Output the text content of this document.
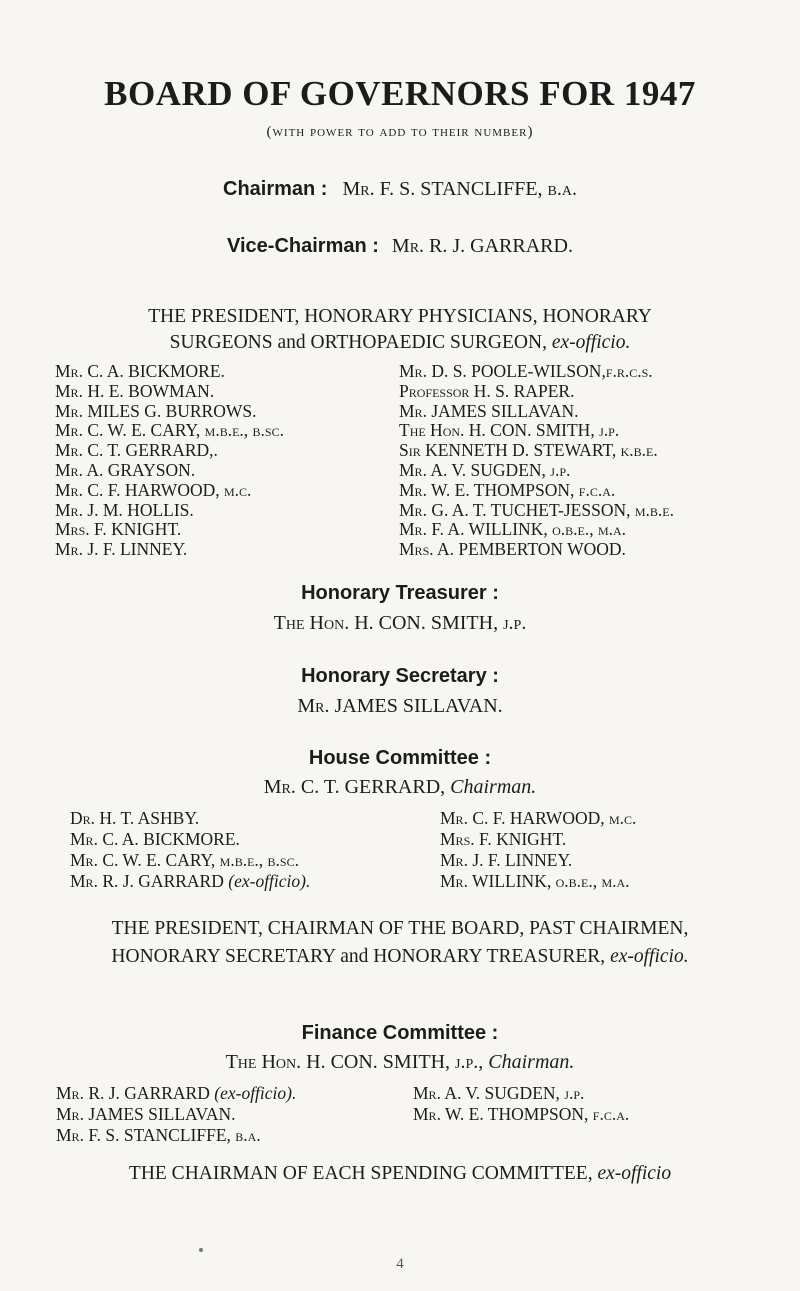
BOARD OF GOVERNORS FOR 1947
(with power to add to their number)
Chairman : Mr. F. S. STANCLIFFE, b.a.
Vice-Chairman : Mr. R. J. GARRARD.
THE PRESIDENT, HONORARY PHYSICIANS, HONORARY
SURGEONS and ORTHOPAEDIC SURGEON, ex-officio.
Mr. C. A. BICKMORE.
Mr. H. E. BOWMAN.
Mr. MILES G. BURROWS.
Mr. C. W. E. CARY, m.b.e., b.sc.
Mr. C. T. GERRARD,.
Mr. A. GRAYSON.
Mr. C. F. HARWOOD, m.c.
Mr. J. M. HOLLIS.
Mrs. F. KNIGHT.
Mr. J. F. LINNEY.
Mr. D. S. POOLE-WILSON,f.r.c.s.
Professor H. S. RAPER.
Mr. JAMES SILLAVAN.
The Hon. H. CON. SMITH, j.p.
Sir KENNETH D. STEWART, k.b.e.
Mr. A. V. SUGDEN, j.p.
Mr. W. E. THOMPSON, f.c.a.
Mr. G. A. T. TUCHET-JESSON, m.b.e.
Mr. F. A. WILLINK, o.b.e., m.a.
Mrs. A. PEMBERTON WOOD.
Honorary Treasurer :
The Hon. H. CON. SMITH, j.p.
Honorary Secretary :
Mr. JAMES SILLAVAN.
House Committee :
Mr. C. T. GERRARD, Chairman.
Dr. H. T. ASHBY.
Mr. C. A. BICKMORE.
Mr. C. W. E. CARY, m.b.e., b.sc.
Mr. R. J. GARRARD (ex-officio).
Mr. C. F. HARWOOD, m.c.
Mrs. F. KNIGHT.
Mr. J. F. LINNEY.
Mr. WILLINK, o.b.e., m.a.
THE PRESIDENT, CHAIRMAN OF THE BOARD, PAST CHAIRMEN,
HONORARY SECRETARY and HONORARY TREASURER, ex-officio.
Finance Committee :
The Hon. H. CON. SMITH, j.p., Chairman.
Mr. R. J. GARRARD (ex-officio).
Mr. JAMES SILLAVAN.
Mr. F. S. STANCLIFFE, b.a.
Mr. A. V. SUGDEN, j.p.
Mr. W. E. THOMPSON, f.c.a.
THE CHAIRMAN OF EACH SPENDING COMMITTEE, ex-officio
4
